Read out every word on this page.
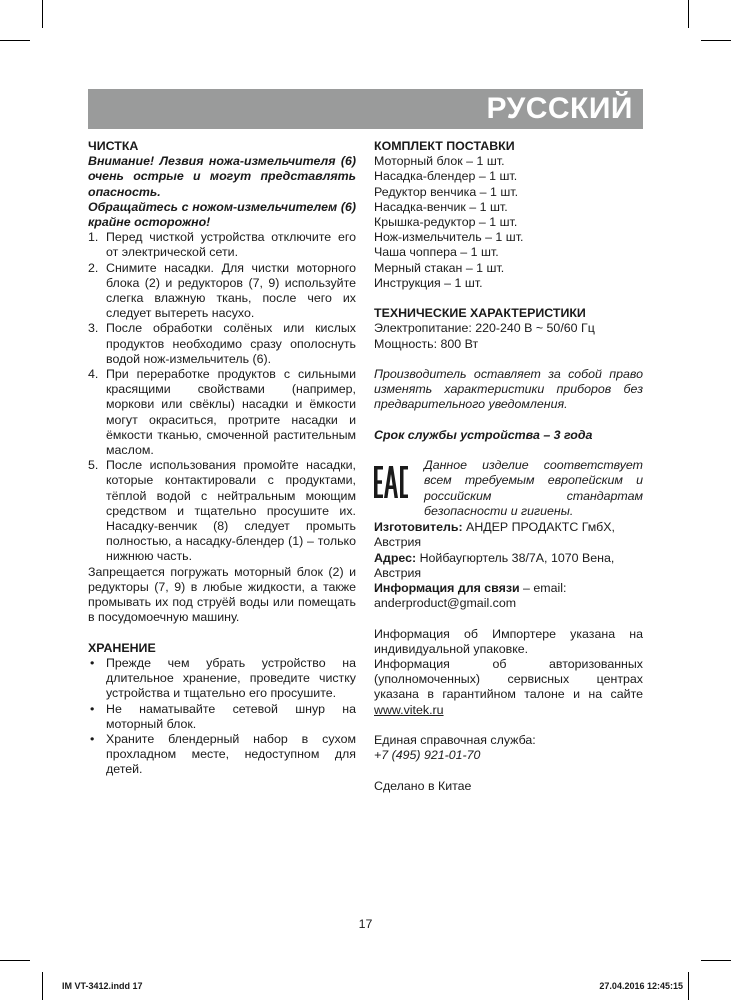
РУССКИЙ

ЧИСТКА

Внимание! Лезвия ножа-измельчителя (6) очень острые и могут представлять опасность.

Обращайтесь с ножом-измельчителем (6) крайне осторожно!

1. Перед чисткой устройства отключите его от электрической сети.
2. Снимите насадки. Для чистки моторного блока (2) и редукторов (7, 9) используйте слегка влажную ткань, после чего их следует вытереть насухо.
3. После обработки солёных или кислых продуктов необходимо сразу ополоснуть водой нож-измельчитель (6).
4. При переработке продуктов с сильными красящими свойствами (например, моркови или свёклы) насадки и ёмкости могут окраситься, протрите насадки и ёмкости тканью, смоченной растительным маслом.
5. После использования промойте насадки, которые контактировали с продуктами, тёплой водой с нейтральным моющим средством и тщательно просушите их. Насадку-венчик (8) следует промыть полностью, а насадку-блендер (1) – только нижнюю часть.

Запрещается погружать моторный блок (2) и редукторы (7, 9) в любые жидкости, а также промывать их под струёй воды или помещать в посудомоечную машину.

ХРАНЕНИЕ

• Прежде чем убрать устройство на длительное хранение, проведите чистку устройства и тщательно его просушите.
• Не наматывайте сетевой шнур на моторный блок.
• Храните блендерный набор в сухом прохладном месте, недоступном для детей.

КОМПЛЕКТ ПОСТАВКИ

Моторный блок – 1 шт.

Насадка-блендер – 1 шт.

Редуктор венчика – 1 шт.

Насадка-венчик – 1 шт.

Крышка-редуктор – 1 шт.

Нож-измельчитель – 1 шт.

Чаша чоппера – 1 шт.

Мерный стакан – 1 шт.

Инструкция – 1 шт.

ТЕХНИЧЕСКИЕ ХАРАКТЕРИСТИКИ

Электропитание: 220-240 В ~ 50/60 Гц

Мощность: 800 Вт

Производитель оставляет за собой право изменять характеристики приборов без предварительного уведомления.

Срок службы устройства – 3 года

Данное изделие соответствует всем требуемым европейским и российским стандартам безопасности и гигиены.

Изготовитель: АНДЕР ПРОДАКТС ГмбХ, Австрия

Адрес: Нойбаугюртель 38/7А, 1070 Вена, Австрия

Информация для связи – email: anderproduct@gmail.com

Информация об Импортере указана на индивидуальной упаковке.

Информация об авторизованных (уполномоченных) сервисных центрах указана в гарантийном талоне и на сайте www.vitek.ru

Единая справочная служба:

+7 (495) 921-01-70

Сделано в Китае

17
IM VT-3412.indd 17	27.04.2016 12:45:15
